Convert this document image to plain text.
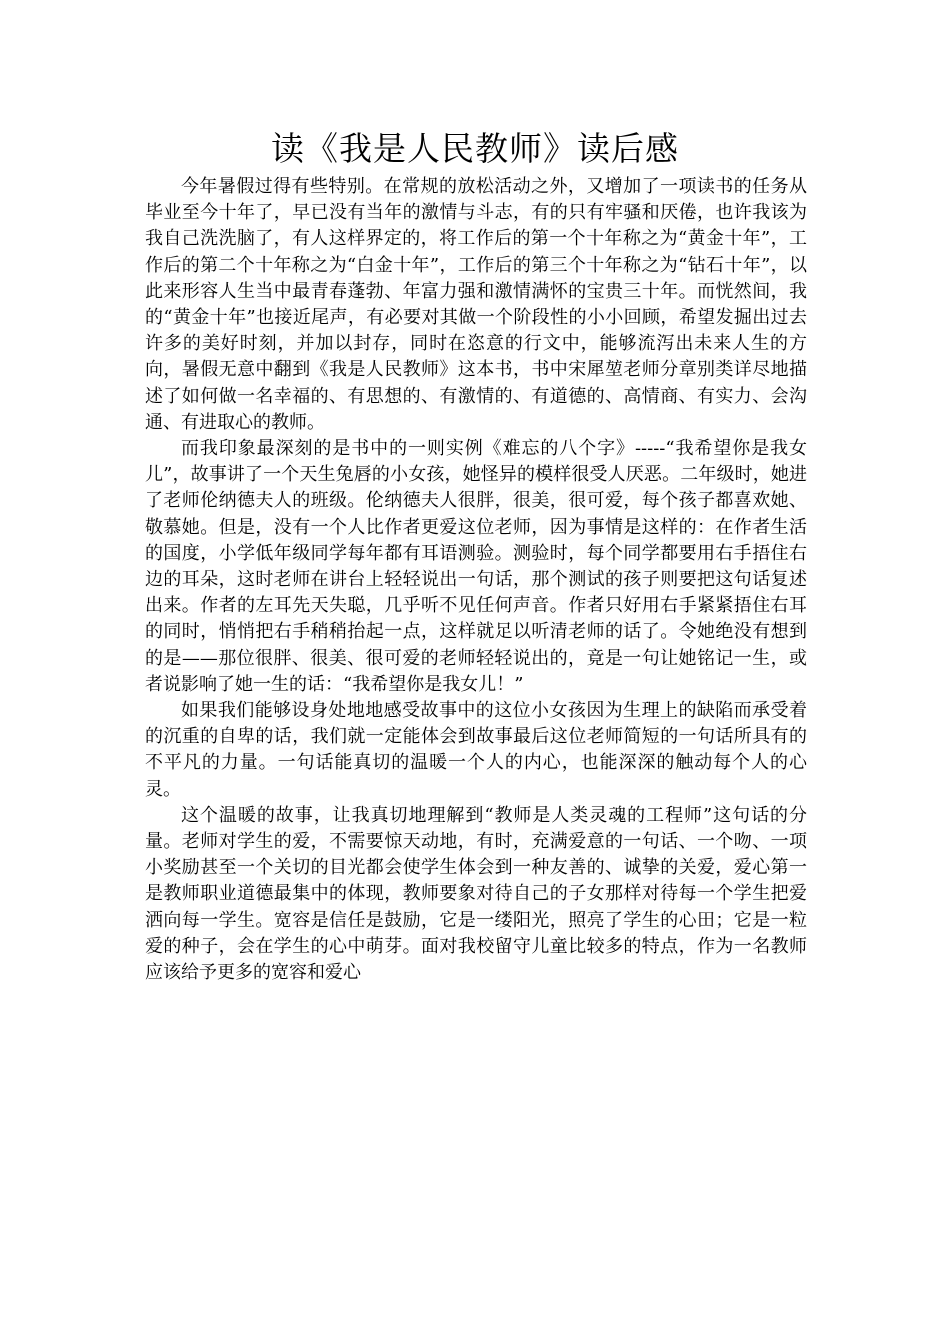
读《我是人民教师》读后感

今年暑假过得有些特别。在常规的放松活动之外，又增加了一项读书的任务从毕业至今十年了，早已没有当年的激情与斗志，有的只有牢骚和厌倦，也许我该为我自己洗洗脑了，有人这样界定的，将工作后的第一个十年称之为“黄金十年”，工作后的第二个十年称之为“白金十年”，工作后的第三个十年称之为“钻石十年”，以此来形容人生当中最青春蓬勃、年富力强和激情满怀的宝贵三十年。而恍然间，我的“黄金十年”也接近尾声，有必要对其做一个阶段性的小小回顾，希望发掘出过去许多的美好时刻，并加以封存，同时在恣意的行文中，能够流泻出未来人生的方向，暑假无意中翻到《我是人民教师》这本书，书中宋犀堃老师分章别类详尽地描述了如何做一名幸福的、有思想的、有激情的、有道德的、高情商、有实力、会沟通、有进取心的教师。

而我印象最深刻的是书中的一则实例《难忘的八个字》-----“我希望你是我女儿”，故事讲了一个天生兔唇的小女孩，她怪异的模样很受人厌恶。二年级时，她进了老师伦纳德夫人的班级。伦纳德夫人很胖，很美，很可爱，每个孩子都喜欢她、敬慕她。但是，没有一个人比作者更爱这位老师，因为事情是这样的：在作者生活的国度，小学低年级同学每年都有耳语测验。测验时，每个同学都要用右手捂住右边的耳朵，这时老师在讲台上轻轻说出一句话，那个测试的孩子则要把这句话复述出来。作者的左耳先天失聪，几乎听不见任何声音。作者只好用右手紧紧捂住右耳的同时，悄悄把右手稍稍抬起一点，这样就足以听清老师的话了。令她绝没有想到的是——那位很胖、很美、很可爱的老师轻轻说出的，竟是一句让她铭记一生，或者说影响了她一生的话：“我希望你是我女儿！”

如果我们能够设身处地地感受故事中的这位小女孩因为生理上的缺陷而承受着的沉重的自卑的话，我们就一定能体会到故事最后这位老师简短的一句话所具有的不平凡的力量。一句话能真切的温暖一个人的内心，也能深深的触动每个人的心灵。

这个温暖的故事，让我真切地理解到“教师是人类灵魂的工程师”这句话的分量。老师对学生的爱，不需要惊天动地，有时，充满爱意的一句话、一个吻、一项小奖励甚至一个关切的目光都会使学生体会到一种友善的、诚挚的关爱，爱心第一是教师职业道德最集中的体现，教师要象对待自己的子女那样对待每一个学生把爱洒向每一学生。宽容是信任是鼓励，它是一缕阳光，照亮了学生的心田；它是一粒爱的种子，会在学生的心中萌芽。面对我校留守儿童比较多的特点，作为一名教师应该给予更多的宽容和爱心
